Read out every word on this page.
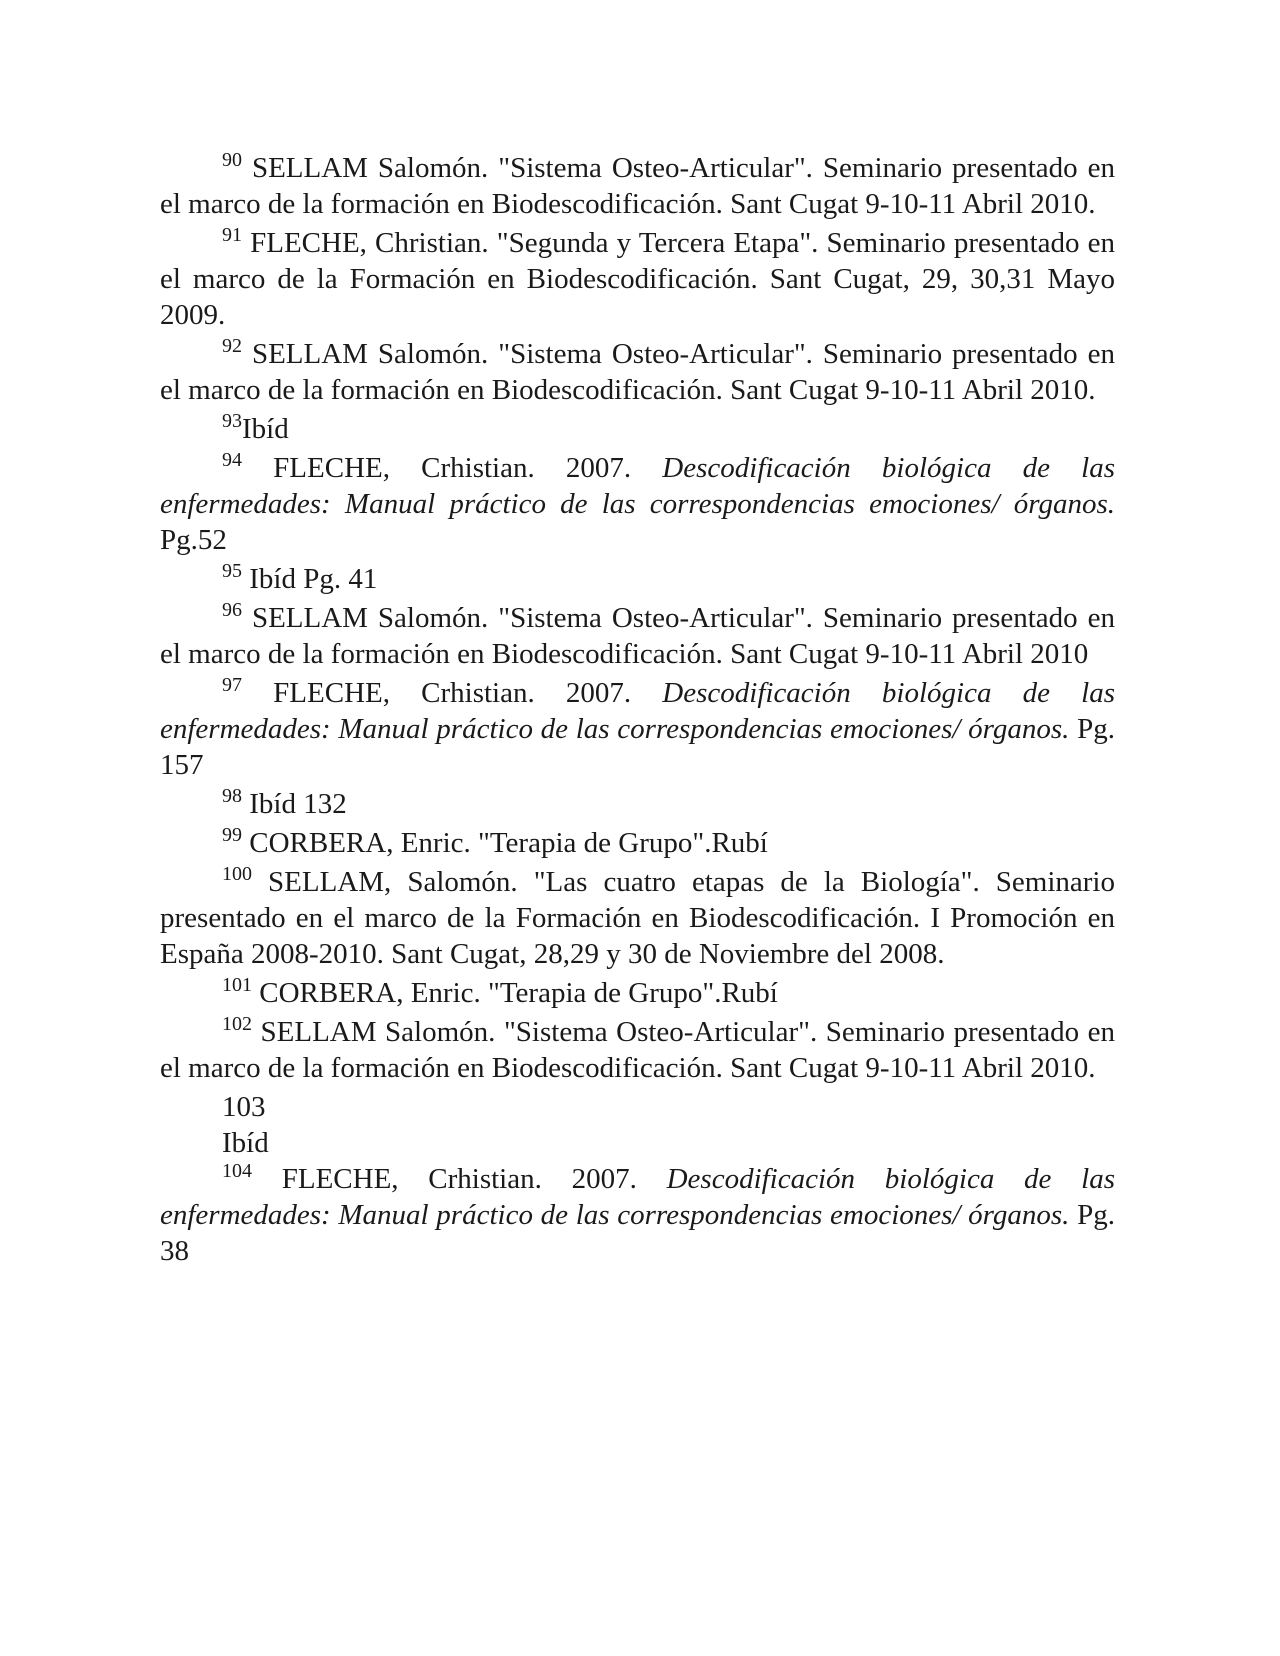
$^{90}$ SELLAM Salomón. "Sistema Osteo-Articular". Seminario presentado en el marco de la formación en Biodescodificación. Sant Cugat 9-10-11 Abril 2010.

$^{91}$ FLECHE, Christian. "Segunda y Tercera Etapa". Seminario presentado en el marco de la Formación en Biodescodificación. Sant Cugat, 29, 30,31 Mayo 2009.

$^{92}$ SELLAM Salomón. "Sistema Osteo-Articular". Seminario presentado en el marco de la formación en Biodescodificación. Sant Cugat 9-10-11 Abril 2010.

$^{93}$Ibíd

$^{94}$ FLECHE, Crhistian. 2007. Descodificación biológica de las enfermedades: Manual práctico de las correspondencias emociones/ órganos. Pg.52

$^{95}$ Ibíd Pg. 41

$^{96}$ SELLAM Salomón. "Sistema Osteo-Articular". Seminario presentado en el marco de la formación en Biodescodificación. Sant Cugat 9-10-11 Abril 2010

$^{97}$ FLECHE, Crhistian. 2007. Descodificación biológica de las enfermedades: Manual práctico de las correspondencias emociones/ órganos. Pg. 157

$^{98}$ Ibíd 132

$^{99}$ CORBERA, Enric. "Terapia de Grupo".Rubí

$^{100}$ SELLAM, Salomón. "Las cuatro etapas de la Biología". Seminario presentado en el marco de la Formación en Biodescodificación. I Promoción en España 2008-2010. Sant Cugat, 28,29 y 30 de Noviembre del 2008.

$^{101}$ CORBERA, Enric. "Terapia de Grupo".Rubí

$^{102}$ SELLAM Salomón. "Sistema Osteo-Articular". Seminario presentado en el marco de la formación en Biodescodificación. Sant Cugat 9-10-11 Abril 2010.

103

Ibíd

$^{104}$ FLECHE, Crhistian. 2007. Descodificación biológica de las enfermedades: Manual práctico de las correspondencias emociones/ órganos. Pg. 38
